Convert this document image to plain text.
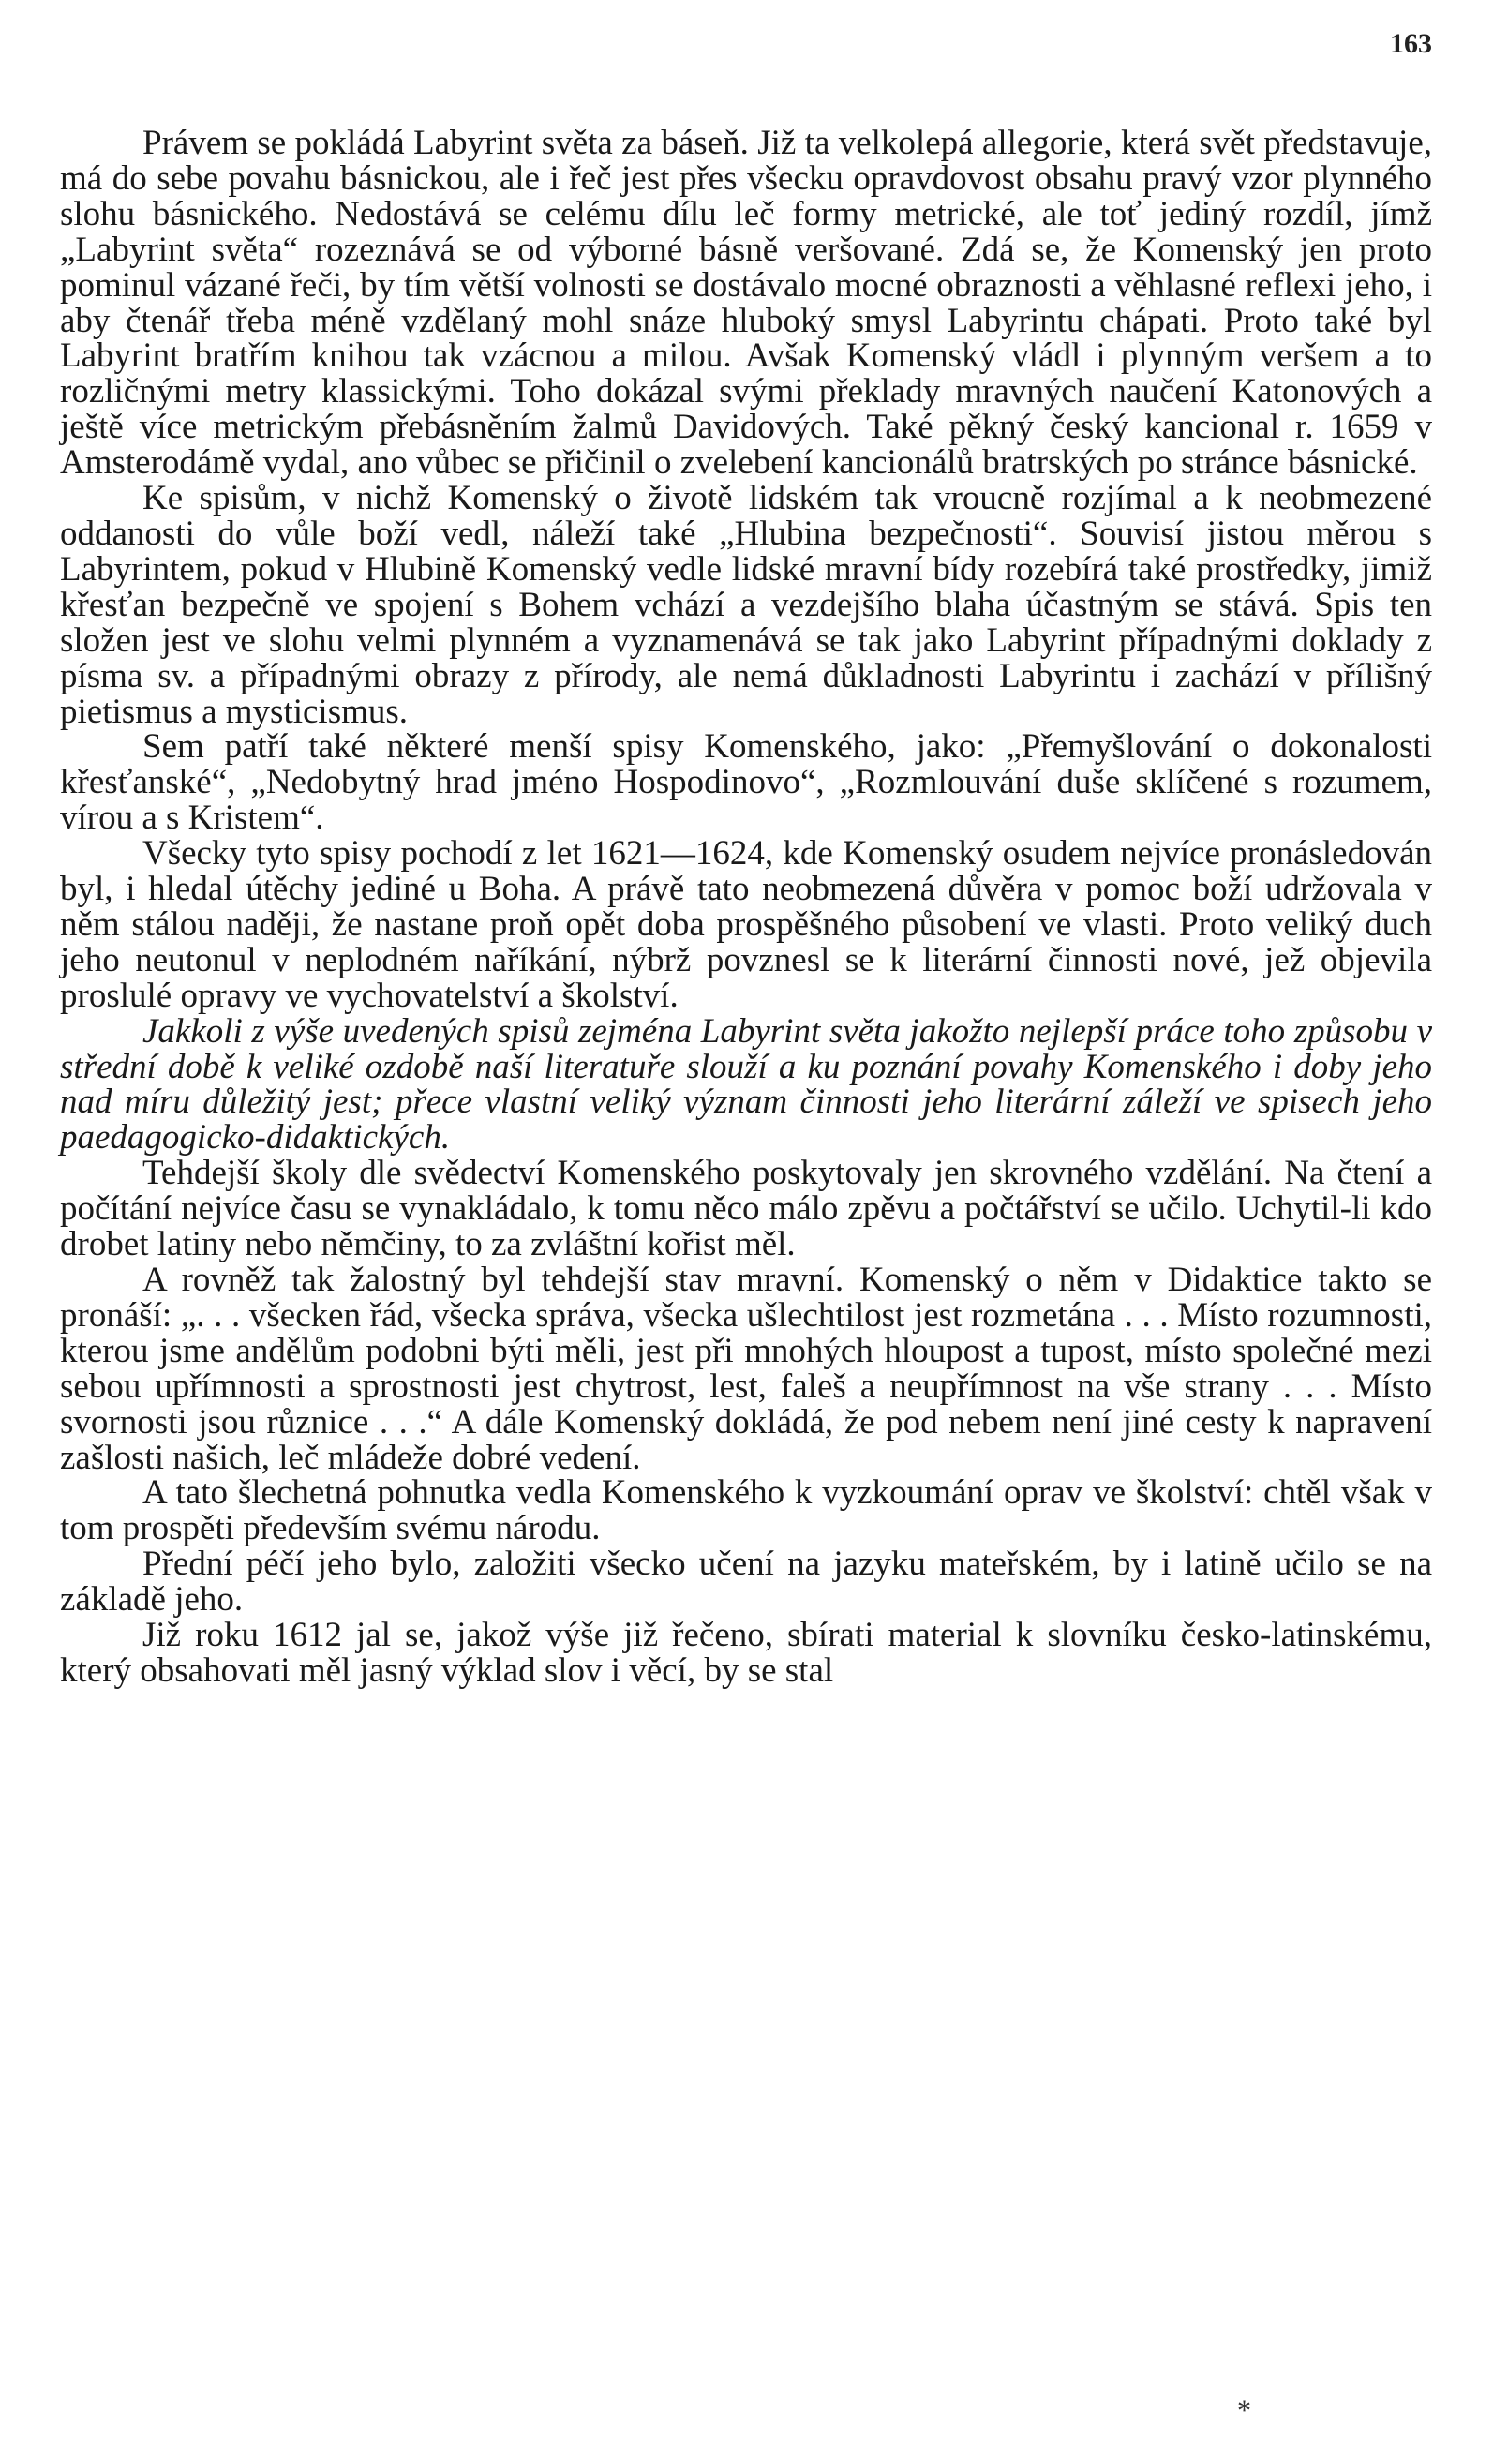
163

Právem se pokládá Labyrint světa za báseň. Již ta velkolepá allegorie, která svět představuje, má do sebe povahu básnickou, ale i řeč jest přes všecku opravdovost obsahu pravý vzor plynného slohu básnického. Nedostává se celému dílu leč formy metrické, ale toť jediný rozdíl, jímž „Labyrint světa“ rozeznává se od výborné básně veršované. Zdá se, že Komenský jen proto pominul vázané řeči, by tím větší volnosti se dostávalo mocné obraznosti a věhlasné reflexi jeho, i aby čtenář třeba méně vzdělaný mohl snáze hluboký smysl Labyrintu chápati. Proto také byl Labyrint bratřím knihou tak vzácnou a milou. Avšak Komenský vládl i plynným veršem a to rozličnými metry klassickými. Toho dokázal svými překlady mravných naučení Katonových a ještě více metrickým přebásněním žalmů Davidových. Také pěkný český kancional r. 1659 v Amsterodámě vydal, ano vůbec se přičinil o zvelebení kancionálů bratrských po stránce básnické.

Ke spisům, v nichž Komenský o životě lidském tak vroucně rozjímal a k neobmezené oddanosti do vůle boží vedl, náleží také „Hlubina bezpečnosti“. Souvisí jistou měrou s Labyrintem, pokud v Hlubině Komenský vedle lidské mravní bídy rozebírá také prostředky, jimiž křesťan bezpečně ve spojení s Bohem vchází a vezdejšího blaha účastným se stává. Spis ten složen jest ve slohu velmi plynném a vyznamenává se tak jako Labyrint případnými doklady z písma sv. a případnými obrazy z přírody, ale nemá důkladnosti Labyrintu i zachází v přílišný pietismus a mysticismus.

Sem patří také některé menší spisy Komenského, jako: „Přemyšlování o dokonalosti křesťanské“, „Nedobytný hrad jméno Hospodinovo“, „Rozmlouvání duše sklíčené s rozumem, vírou a s Kristem“.

Všecky tyto spisy pochodí z let 1621—1624, kde Komenský osudem nejvíce pronásledován byl, i hledal útěchy jediné u Boha. A právě tato neobmezená důvěra v pomoc boží udržovala v něm stálou naději, že nastane proň opět doba prospěšného působení ve vlasti. Proto veliký duch jeho neutonul v neplodném naříkání, nýbrž povznesl se k literární činnosti nové, jež objevila proslulé opravy ve vychovatelství a školství.

Jakkoli z výše uvedených spisů zejména Labyrint světa jakožto nejlepší práce toho způsobu v střední době k veliké ozdobě naší literatuře slouží a ku poznání povahy Komenského i doby jeho nad míru důležitý jest; přece vlastní veliký význam činnosti jeho literární záleží ve spisech jeho paedagogicko-didaktických.

Tehdejší školy dle svědectví Komenského poskytovaly jen skrovného vzdělání. Na čtení a počítání nejvíce času se vynakládalo, k tomu něco málo zpěvu a počtářství se učilo. Uchytil-li kdo drobet latiny nebo němčiny, to za zvláštní kořist měl.

A rovněž tak žalostný byl tehdejší stav mravní. Komenský o něm v Didaktice takto se pronáší: „. . . všecken řád, všecka správa, všecka ušlechtilost jest rozmetána . . . Místo rozumnosti, kterou jsme andělům podobni býti měli, jest při mnohých hloupost a tupost, místo společné mezi sebou upřímnosti a sprostnosti jest chytrost, lest, faleš a neupřímnost na vše strany . . . Místo svornosti jsou různice . . .“ A dále Komenský dokládá, že pod nebem není jiné cesty k napravení zašlosti našich, leč mládeže dobré vedení.

A tato šlechetná pohnutka vedla Komenského k vyzkoumání oprav ve školství: chtěl však v tom prospěti především svému národu.

Přední péčí jeho bylo, založiti všecko učení na jazyku mateřském, by i latině učilo se na základě jeho.

Již roku 1612 jal se, jakož výše již řečeno, sbírati material k slovníku česko-latinskému, který obsahovati měl jasný výklad slov i věcí, by se stal

*
